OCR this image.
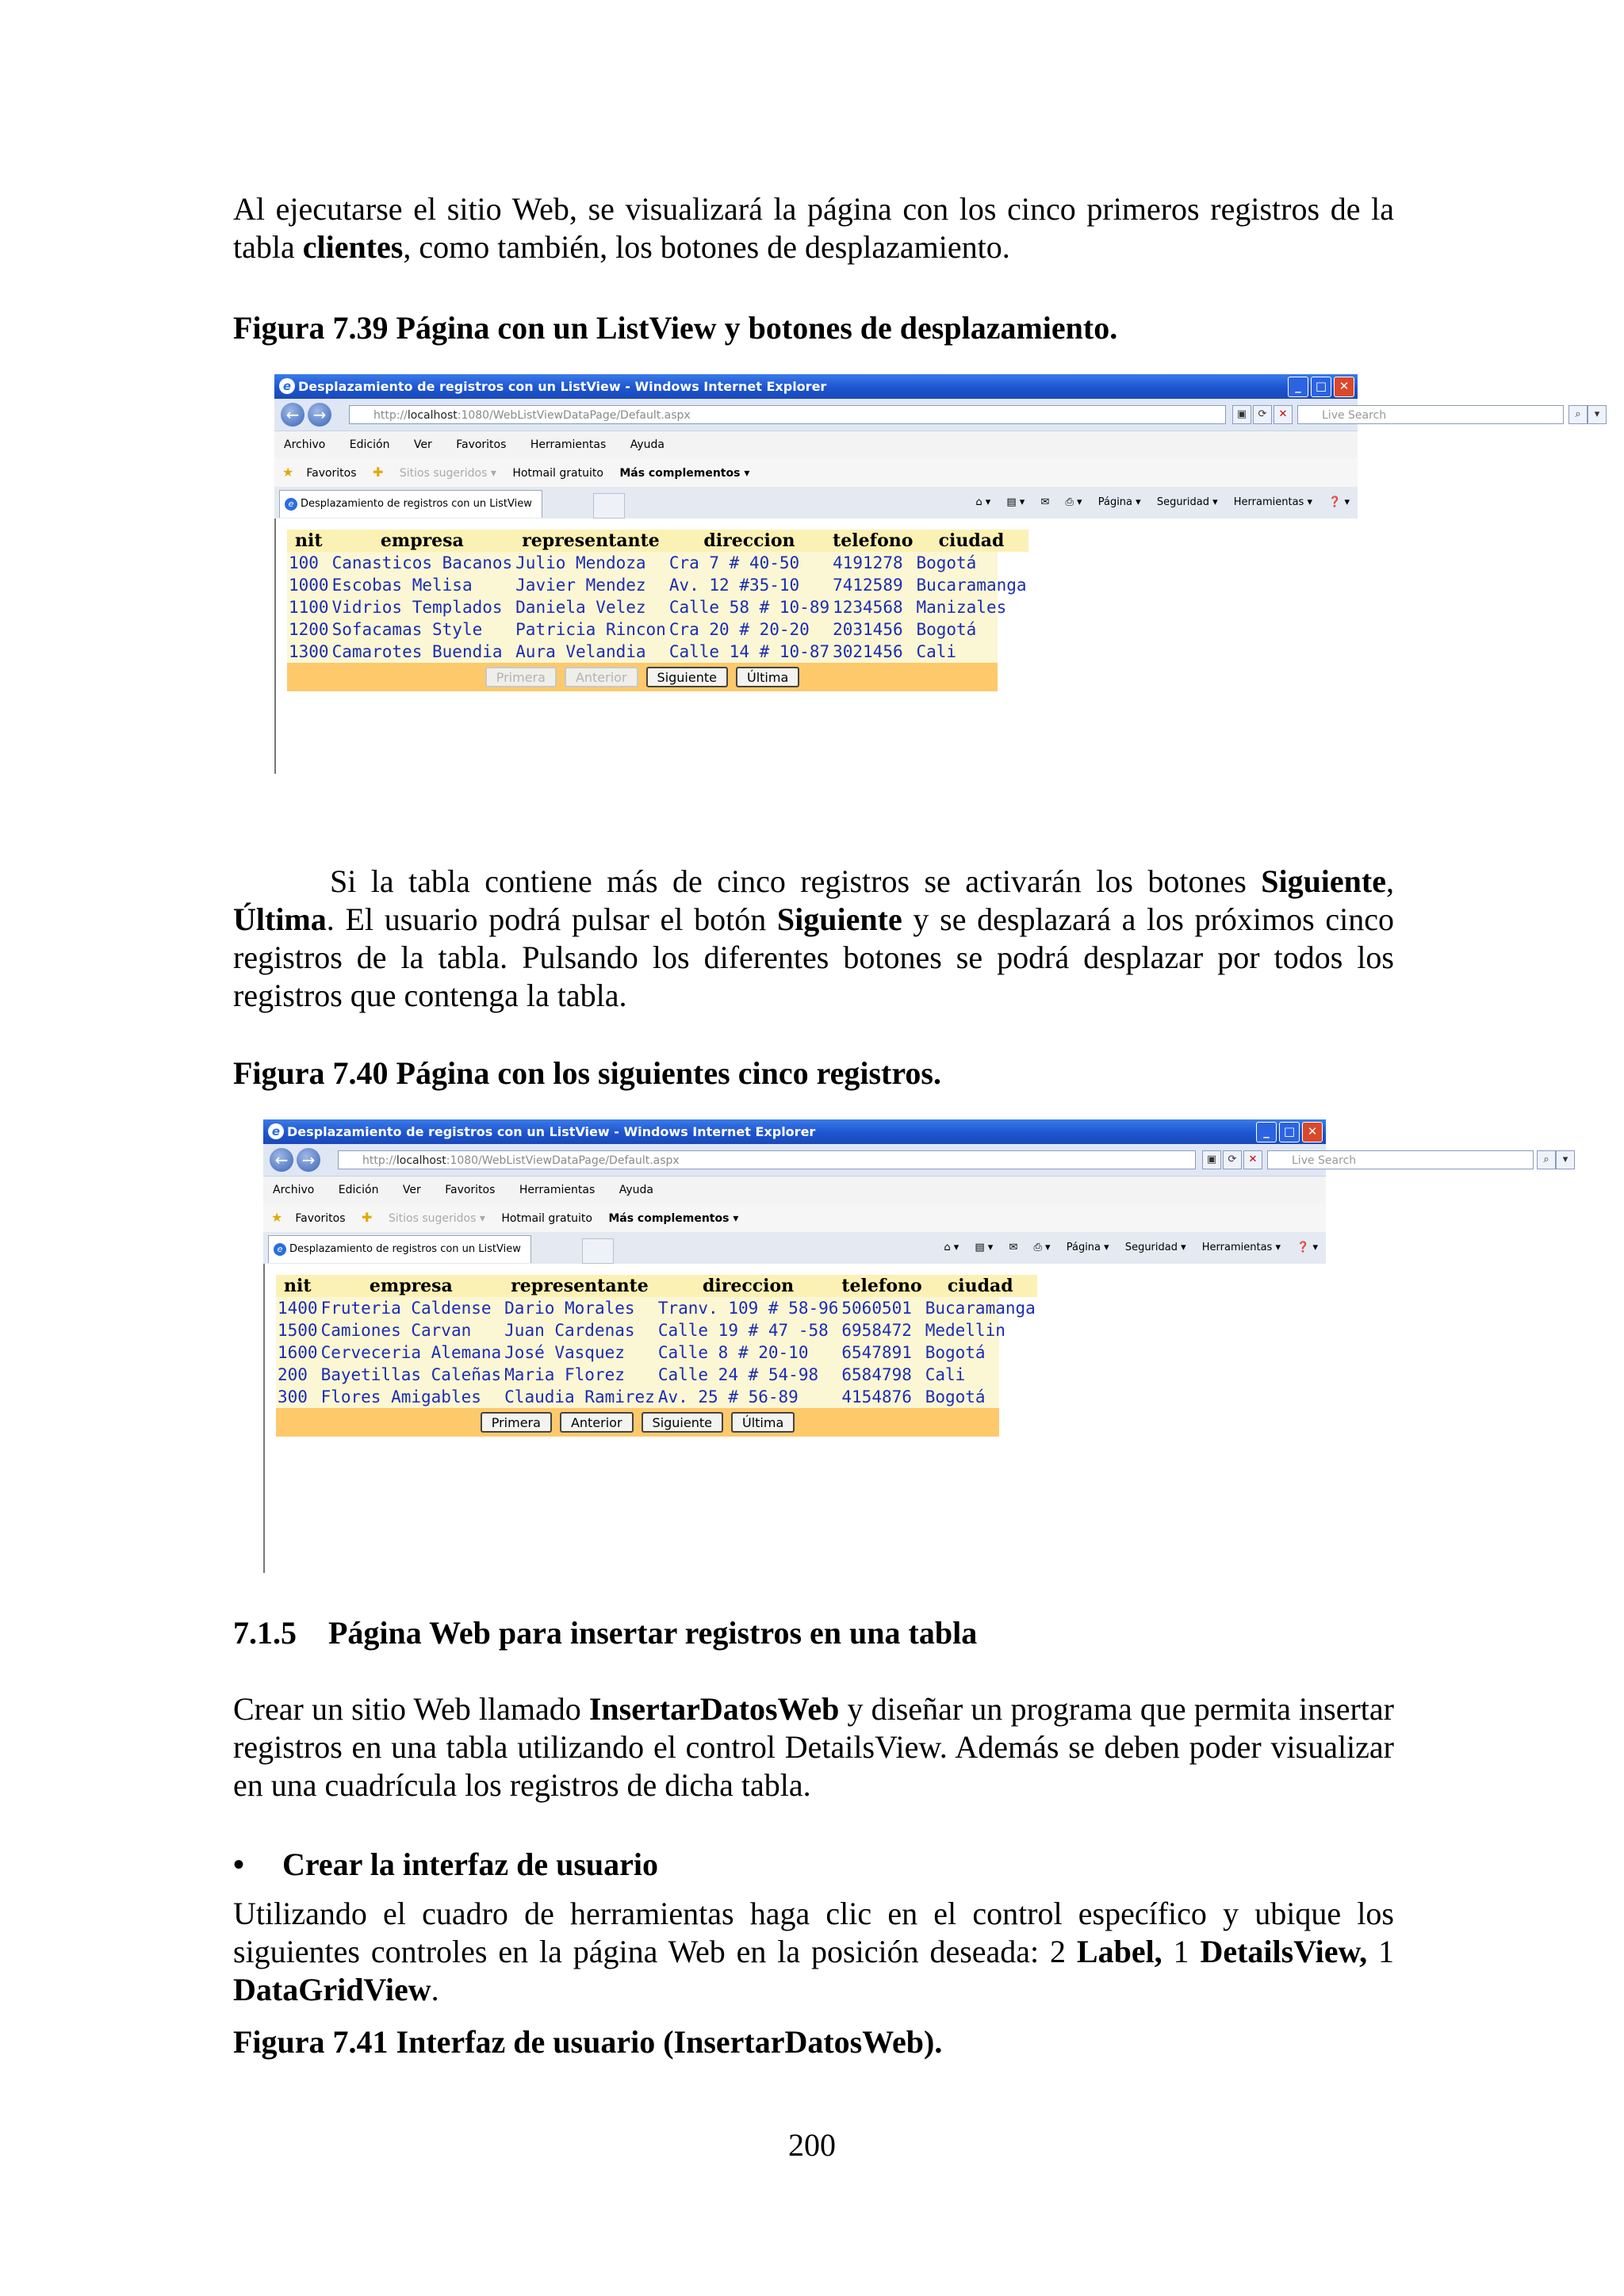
Al ejecutarse el sitio Web, se visualizará la página con los cinco primeros registros de la tabla clientes, como también, los botones de desplazamiento.

Figura 7.39 Página con un ListView y botones de desplazamiento.

e Desplazamiento de registros con un ListView - Windows Internet Explorer	_	□	✕
← →	http://localhost:1080/WebListViewDataPage/Default.aspx	▣	⟳	✕	Live Search	⌕	▾
Archivo Edición Ver Favoritos Herramientas Ayuda
★ Favoritos ✚ Sitios sugeridos ▾ Hotmail gratuito Más complementos ▾
e Desplazamiento de registros con un ListView	⌂ ▾ ▤ ▾ ✉ ⎙ ▾ Página ▾ Seguridad ▾ Herramientas ▾ ❓ ▾
nit	empresa	representante	direccion	telefono	ciudad
100	Canasticos Bacanos	Julio Mendoza	Cra 7 # 40-50	4191278	Bogotá
1000	Escobas Melisa	Javier Mendez	Av. 12 #35-10	7412589	Bucaramanga
1100	Vidrios Templados	Daniela Velez	Calle 58 # 10-89	1234568	Manizales
1200	Sofacamas Style	Patricia Rincon	Cra 20 # 20-20	2031456	Bogotá
1300	Camarotes Buendia	Aura Velandia	Calle 14 # 10-87	3021456	Cali
Primera	Anterior	Siguiente	Última

Si la tabla contiene más de cinco registros se activarán los botones Siguiente, Última. El usuario podrá pulsar el botón Siguiente y se desplazará a los próximos cinco registros de la tabla. Pulsando los diferentes botones se podrá desplazar por todos los registros que contenga la tabla.

Figura 7.40 Página con los siguientes cinco registros.

e Desplazamiento de registros con un ListView - Windows Internet Explorer	_	□	✕
← →	http://localhost:1080/WebListViewDataPage/Default.aspx	▣	⟳	✕	Live Search	⌕	▾
Archivo Edición Ver Favoritos Herramientas Ayuda
★ Favoritos ✚ Sitios sugeridos ▾ Hotmail gratuito Más complementos ▾
e Desplazamiento de registros con un ListView	⌂ ▾ ▤ ▾ ✉ ⎙ ▾ Página ▾ Seguridad ▾ Herramientas ▾ ❓ ▾
nit	empresa	representante	direccion	telefono	ciudad
1400	Fruteria Caldense	Dario Morales	Tranv. 109 # 58-96	5060501	Bucaramanga
1500	Camiones Carvan	Juan Cardenas	Calle 19 # 47 -58	6958472	Medellin
1600	Cerveceria Alemana	José Vasquez	Calle 8 # 20-10	6547891	Bogotá
200	Bayetillas Caleñas	Maria Florez	Calle 24 # 54-98	6584798	Cali
300	Flores Amigables	Claudia Ramirez	Av. 25 # 56-89	4154876	Bogotá
Primera	Anterior	Siguiente	Última

7.1.5    Página Web para insertar registros en una tabla

Crear un sitio Web llamado InsertarDatosWeb y diseñar un programa que permita insertar registros en una tabla utilizando el control DetailsView. Además se deben poder visualizar en una cuadrícula los registros de dicha tabla.

• Crear la interfaz de usuario

Utilizando el cuadro de herramientas haga clic en el control específico y ubique los siguientes controles en la página Web en la posición deseada: 2 Label, 1 DetailsView, 1 DataGridView.

Figura 7.41 Interfaz de usuario (InsertarDatosWeb).

200
